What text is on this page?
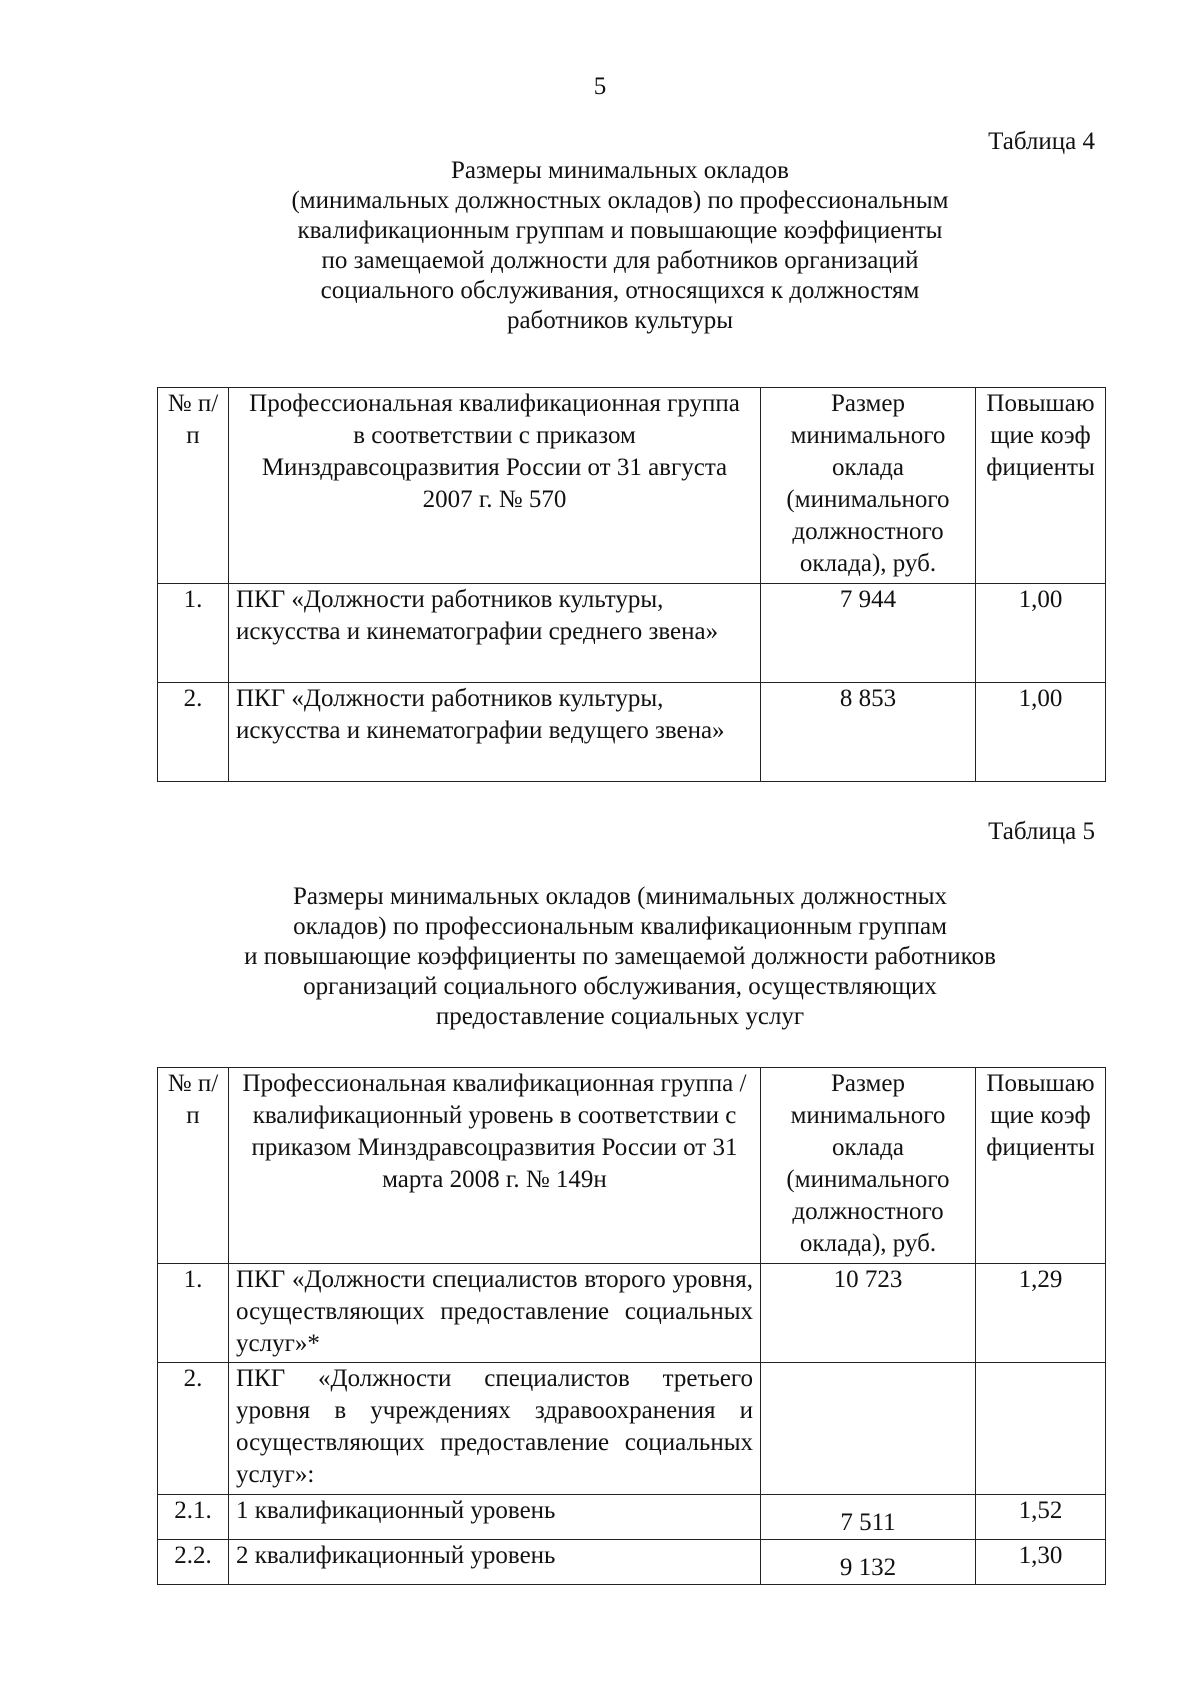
5
Таблица 4
Размеры минимальных окладов
(минимальных должностных окладов) по профессиональным
квалификационным группам и повышающие коэффициенты
по замещаемой должности для работников организаций
социального обслуживания, относящихся к должностям
работников культуры
№ п/п	Профессиональная квалификационная группа в соответствии с приказом Минздравсоцразвития России от 31 августа 2007 г. № 570	Размер минимального оклада (минимального должностного оклада), руб.	Повышающие коэффициенты
1.	ПКГ «Должности работников культуры, искусства и кинематографии среднего звена»	7 944	1,00
2.	ПКГ «Должности работников культуры, искусства и кинематографии ведущего звена»	8 853	1,00
Таблица 5
Размеры минимальных окладов (минимальных должностных
окладов) по профессиональным квалификационным группам
и повышающие коэффициенты по замещаемой должности работников
организаций социального обслуживания, осуществляющих
предоставление социальных услуг
№ п/п	Профессиональная квалификационная группа / квалификационный уровень в соответствии с приказом Минздравсоцразвития России от 31 марта 2008 г. № 149н	Размер минимального оклада (минимального должностного оклада), руб.	Повышающие коэффициенты
1.	ПКГ «Должности специалистов второго уровня, осуществляющих предоставление социальных услуг»*	10 723	1,29
2.	ПКГ «Должности специалистов третьего уровня в учреждениях здравоохранения и осуществляющих предоставление социальных услуг»:		
2.1.	1 квалификационный уровень	7 511	1,52
2.2.	2 квалификационный уровень	9 132	1,30
